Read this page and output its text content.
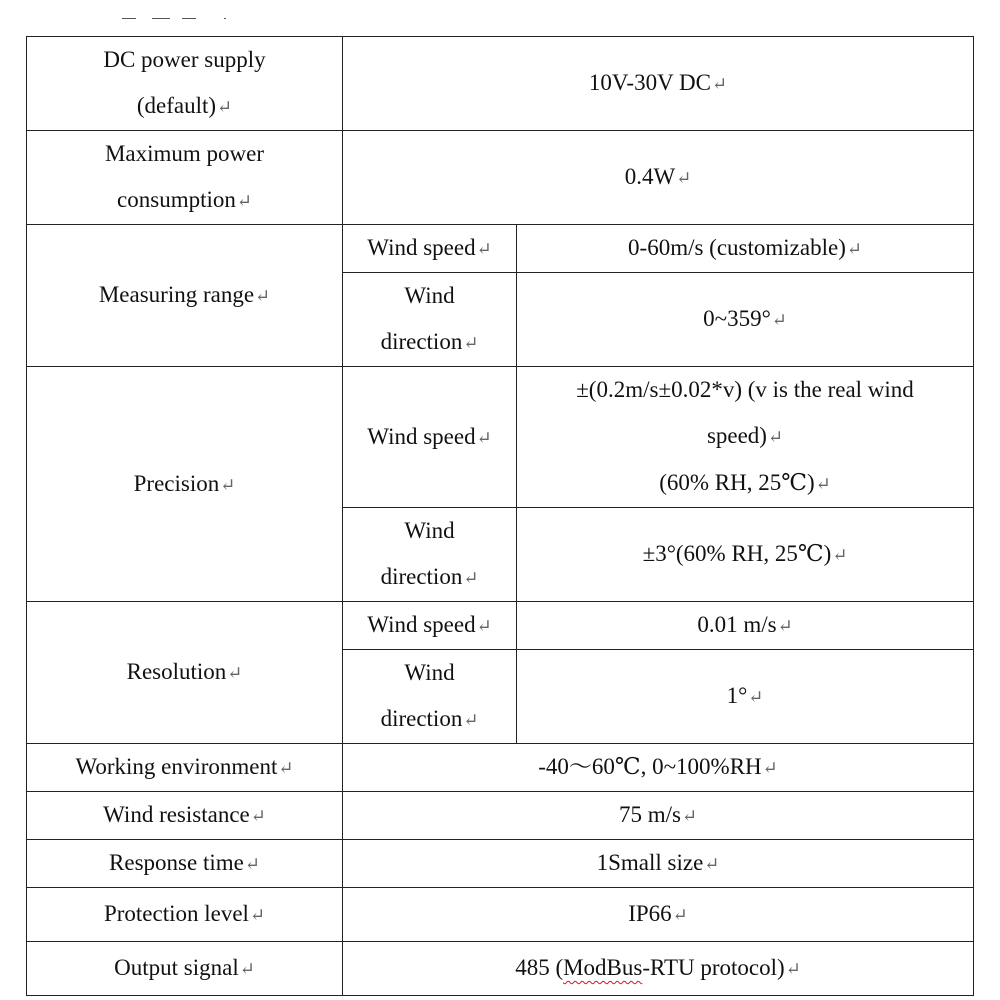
DC power supply
(default)↵	10V-30V DC↵	
Maximum power
consumption↵	0.4W↵	
Measuring range↵	Wind speed↵	0-60m/s (customizable)↵
	Wind
direction↵	0~359°↵
Precision↵	Wind speed↵	±(0.2m/s±0.02*v) (v is the real wind
speed)↵
(60% RH, 25℃)↵
	Wind
direction↵	±3°(60% RH, 25℃)↵
Resolution↵	Wind speed↵	0.01 m/s↵
	Wind
direction↵	1°↵
Working environment↵	-40～60℃, 0~100%RH↵	
Wind resistance↵	75 m/s↵	
Response time↵	1Small size↵	
Protection level↵	IP66↵	
Output signal↵	485 (ModBus-RTU protocol)↵	
